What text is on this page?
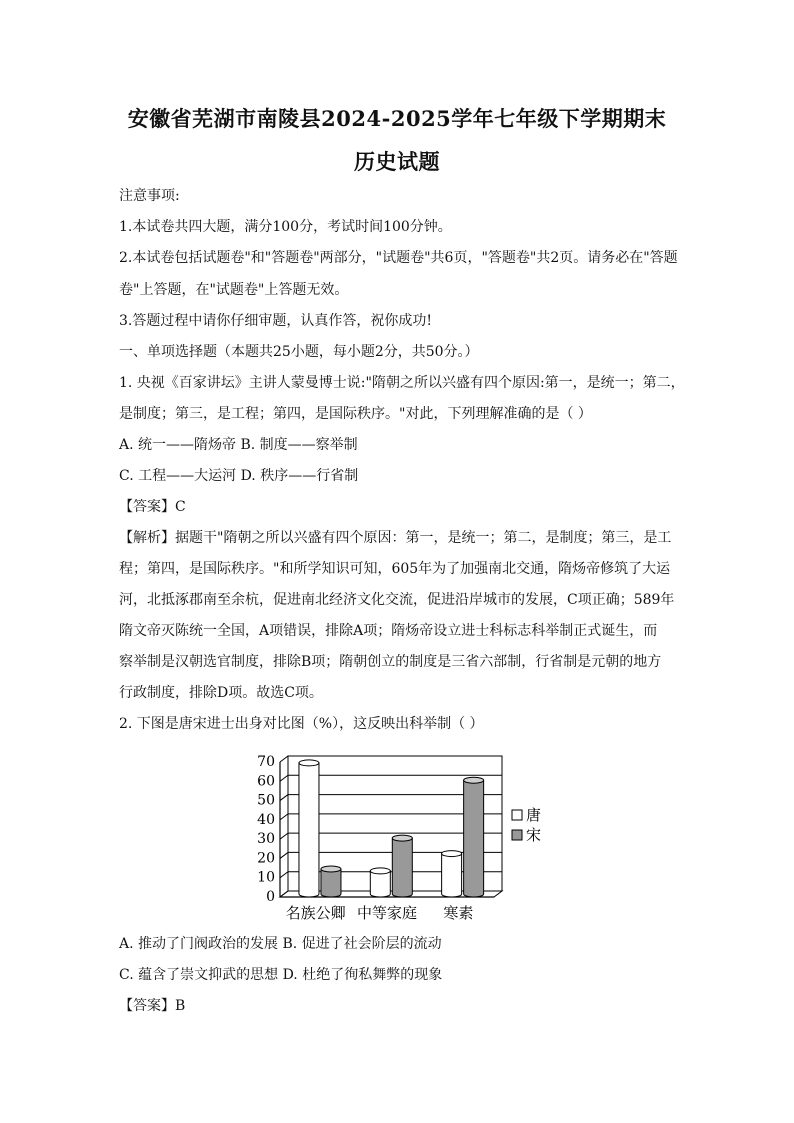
安徽省芜湖市南陵县2024-2025学年七年级下学期期末
历史试题
注意事项:
1.本试卷共四大题，满分100分，考试时间100分钟。
2.本试卷包括试题卷"和"答题卷"两部分，"试题卷"共6页，"答题卷"共2页。请务必在"答题
卷"上答题，在"试题卷"上答题无效。
3.答题过程中请你仔细审题，认真作答，祝你成功!
一、单项选择题（本题共25小题，每小题2分，共50分。）
1. 央视《百家讲坛》主讲人蒙曼博士说:"隋朝之所以兴盛有四个原因:第一，是统一；第二，
是制度；第三，是工程；第四，是国际秩序。"对此，下列理解准确的是（ ）
A. 统一——隋炀帝 B. 制度——察举制
C. 工程——大运河 D. 秩序——行省制
【答案】C
【解析】据题干"隋朝之所以兴盛有四个原因：第一，是统一；第二，是制度；第三，是工
程；第四，是国际秩序。"和所学知识可知，605年为了加强南北交通，隋炀帝修筑了大运
河，北抵涿郡南至余杭，促进南北经济文化交流，促进沿岸城市的发展，C项正确；589年
隋文帝灭陈统一全国，A项错误，排除A项；隋炀帝设立进士科标志科举制正式诞生，而
察举制是汉朝选官制度，排除B项；隋朝创立的制度是三省六部制，行省制是元朝的地方
行政制度，排除D项。故选C项。
2. 下图是唐宋进士出身对比图（%），这反映出科举制（ ）
0
10
20
30
40
50
60
70
名族公卿 中等家庭 寒素
唐
宋
A. 推动了门阀政治的发展 B. 促进了社会阶层的流动
C. 蕴含了崇文抑武的思想 D. 杜绝了徇私舞弊的现象
【答案】B
